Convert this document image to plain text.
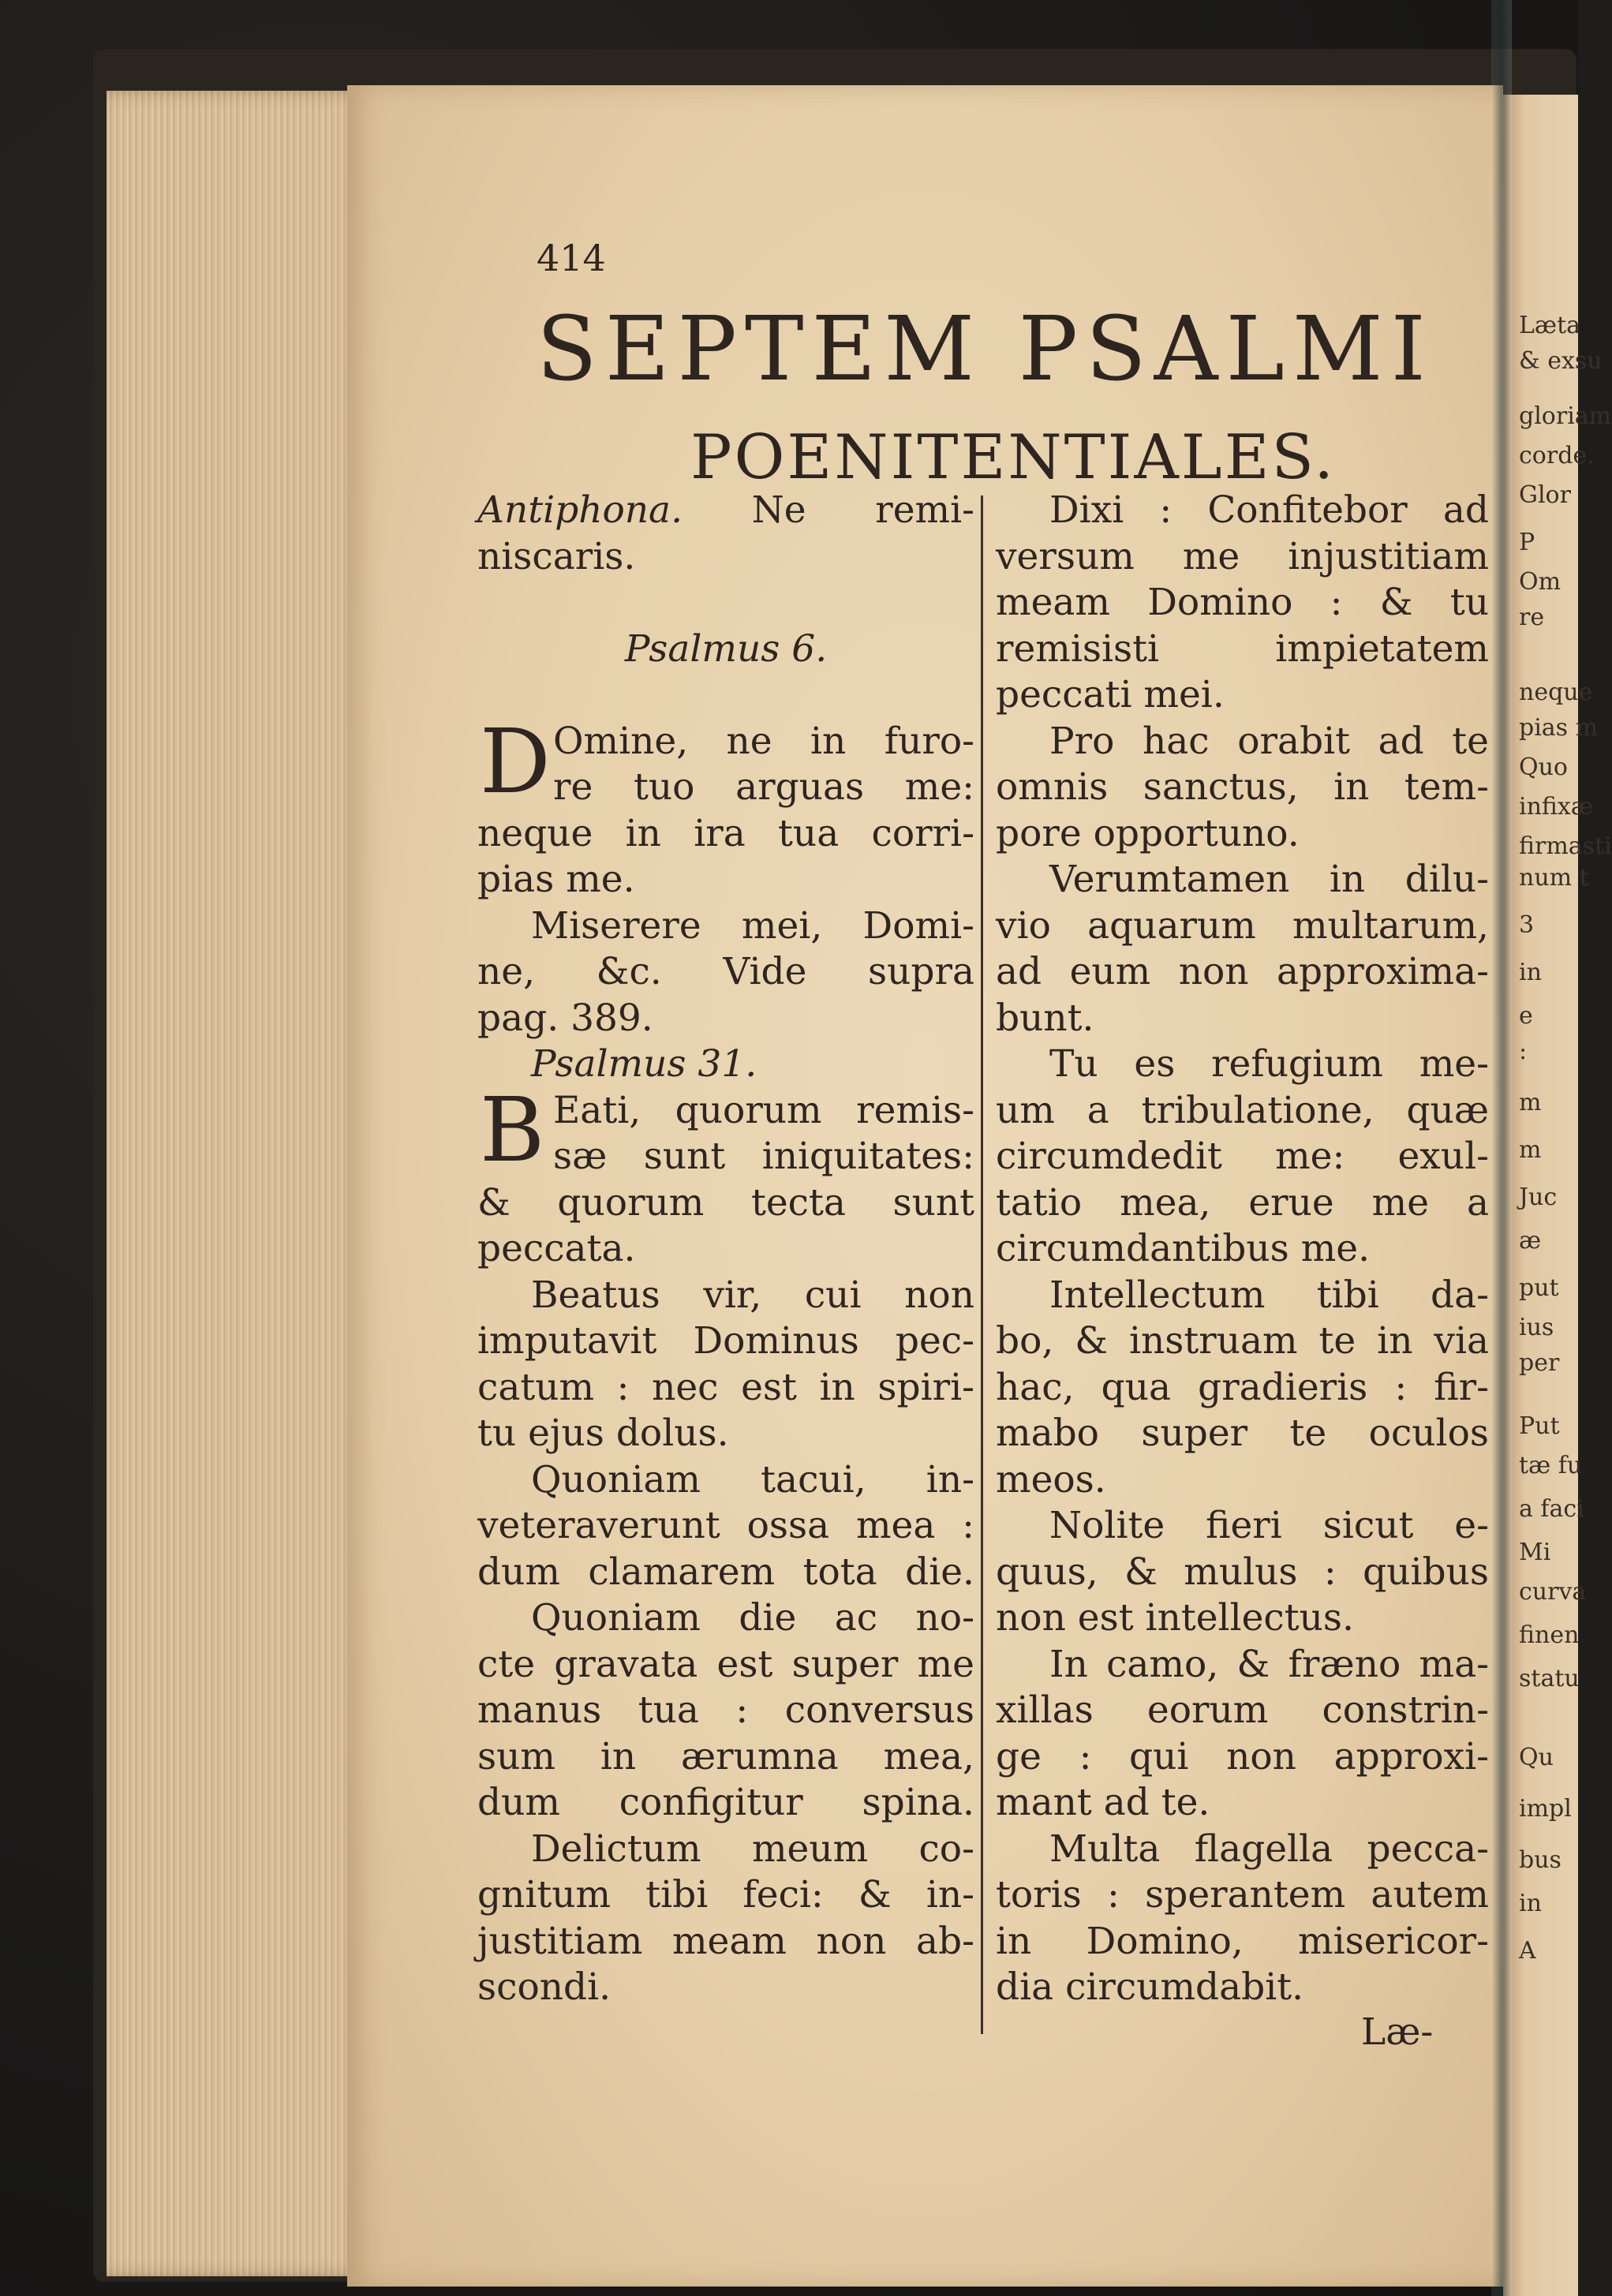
414
SEPTEM PSALMI
POENITENTIALES.
D
B
Antiphona. Ne remi-
niscaris.

Psalmus 6.

Omine, ne in furo-
re tuo arguas me:
neque in ira tua corri-
pias me.
Miserere mei, Domi-
ne, &c. Vide supra
pag. 389.
Psalmus 31.
Eati, quorum remis-
sæ sunt iniquitates:
& quorum tecta sunt
peccata.
Beatus vir, cui non
imputavit Dominus pec-
catum : nec est in spiri-
tu ejus dolus.
Quoniam tacui, in-
veteraverunt ossa mea :
dum clamarem tota die.
Quoniam die ac no-
cte gravata est super me
manus tua : conversus
sum in ærumna mea,
dum configitur spina.
Delictum meum co-
gnitum tibi feci: & in-
justitiam meam non ab-
scondi.
Dixi : Confitebor ad
versum me injustitiam
meam Domino : & tu
remisisti impietatem
peccati mei.
Pro hac orabit ad te
omnis sanctus, in tem-
pore opportuno.
Verumtamen in dilu-
vio aquarum multarum,
ad eum non approxima-
bunt.
Tu es refugium me-
um a tribulatione, quæ
circumdedit me: exul-
tatio mea, erue me a
circumdantibus me.
Intellectum tibi da-
bo, & instruam te in via
hac, qua gradieris : fir-
mabo super te oculos
meos.
Nolite fieri sicut e-
quus, & mulus : quibus
non est intellectus.
In camo, & fræno ma-
xillas eorum constrin-
ge : qui non approxi-
mant ad te.
Multa flagella pecca-
toris : sperantem autem
in Domino, misericor-
dia circumdabit.
Læ-
Læta
& exsu
gloriam
corde.
Glor
P
Om
re
neque
pias m
Quo
infixæ
firmasti
num t
3
in
e
:
m
m
Juc
æ
put
ius
per
Put
tæ fu
a faci
Mi
curva
finen
statu
Qu
impl
bus
in
A
